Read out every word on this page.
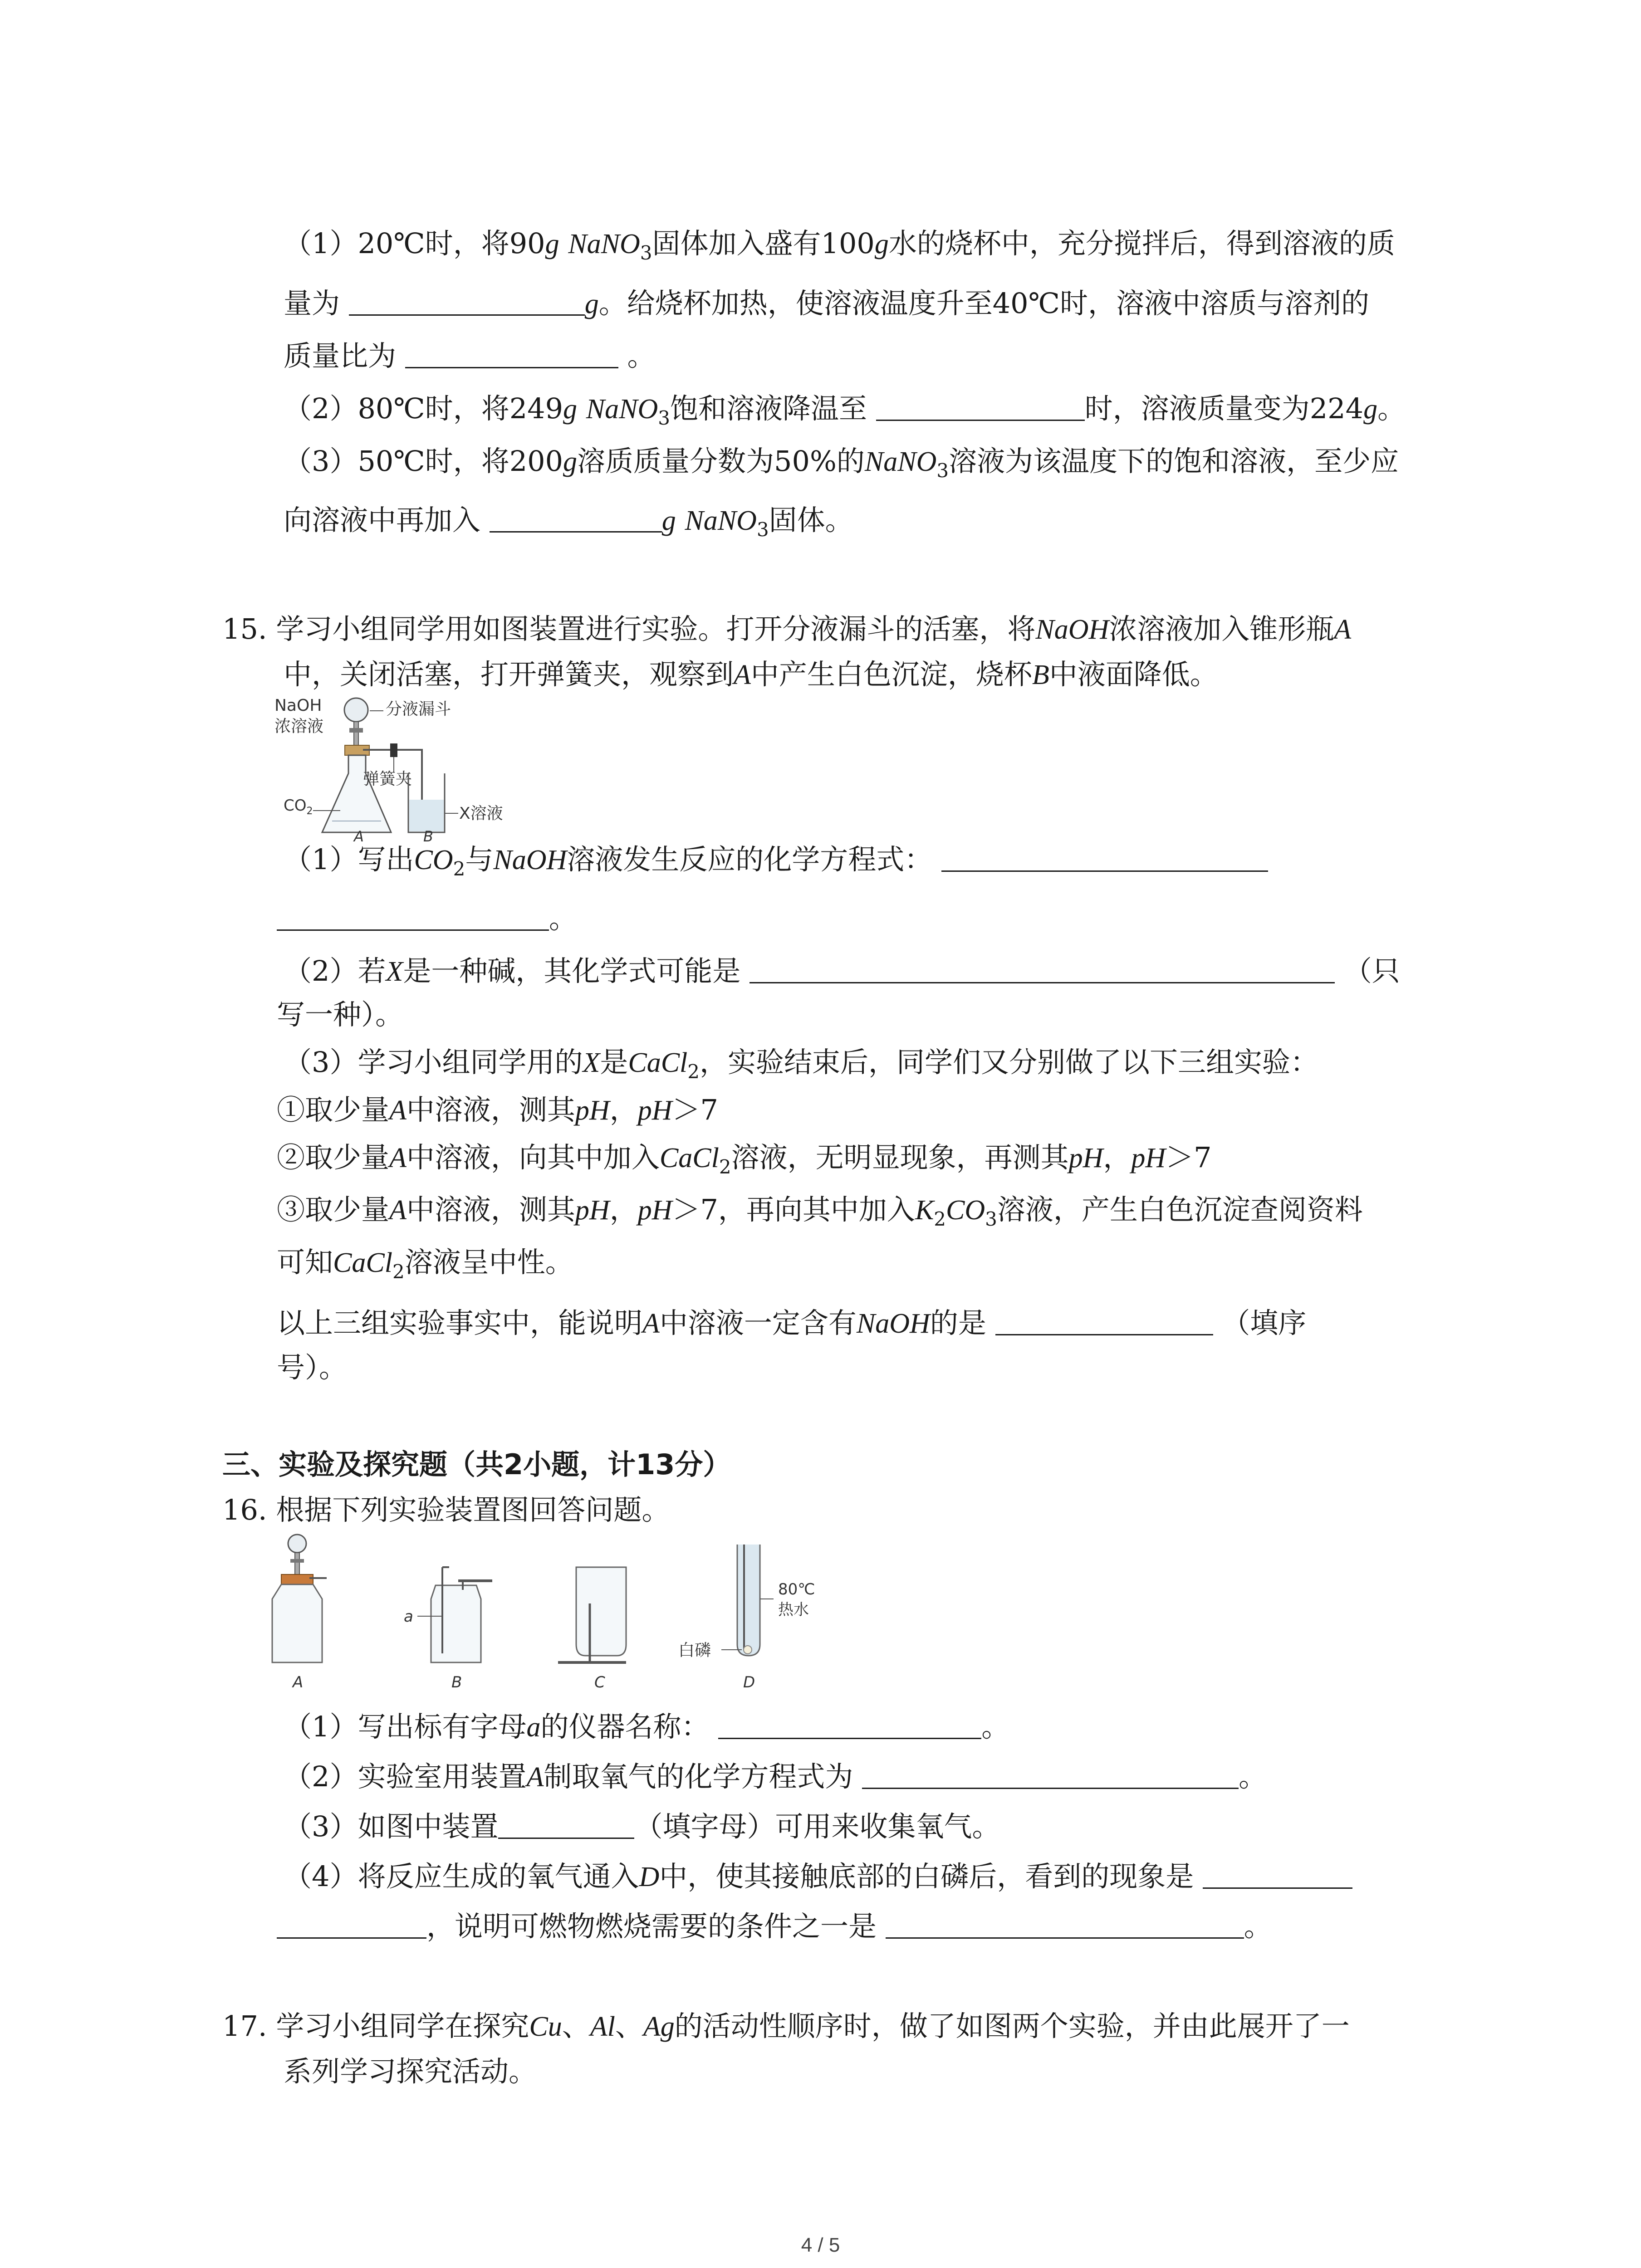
（1）20℃时，将90g NaNO$_3$固体加入盛有100g水的烧杯中，充分搅拌后，得到溶液的质
量为	g。给烧杯加热，使溶液温度升至40℃时，溶液中溶质与溶剂的
质量比为	。
（2）80℃时，将249g NaNO$_3$饱和溶液降温至	时，溶液质量变为224g。
（3）50℃时，将200g溶质质量分数为50%的NaNO$_3$溶液为该温度下的饱和溶液，至少应
向溶液中再加入	g NaNO$_3$固体。
15. 学习小组同学用如图装置进行实验。打开分液漏斗的活塞，将NaOH浓溶液加入锥形瓶A
中，关闭活塞，打开弹簧夹，观察到A中产生白色沉淀，烧杯B中液面降低。
NaOH
浓溶液
分液漏斗
弹簧夹
X溶液
$CO_2$
A	B
（1）写出$CO_2$与NaOH溶液发生反应的化学方程式：
。
（2）若X是一种碱，其化学式可能是	（只
写一种）。
（3）学习小组同学用的X是CaCl$_2$，实验结束后，同学们又分别做了以下三组实验：
①取少量A中溶液，测其pH，pH＞7
②取少量A中溶液，向其中加入CaCl$_2$溶液，无明显现象，再测其pH，pH＞7
③取少量A中溶液，测其pH，pH＞7，再向其中加入$K_2CO_3$溶液，产生白色沉淀查阅资料
可知CaCl$_2$溶液呈中性。
以上三组实验事实中，能说明A中溶液一定含有NaOH的是	（填序
号）。
三、实验及探究题（共2小题，计13分）
16. 根据下列实验装置图回答问题。
A
a
B	C
80℃
热水
白磷
D
（1）写出标有字母a的仪器名称：	。
（2）实验室用装置A制取氧气的化学方程式为	。
（3）如图中装置	（填字母）可用来收集氧气。
（4）将反应生成的氧气通入D中，使其接触底部的白磷后，看到的现象是
，说明可燃物燃烧需要的条件之一是	。
17. 学习小组同学在探究Cu、Al、Ag的活动性顺序时，做了如图两个实验，并由此展开了一
系列学习探究活动。
4 / 5
